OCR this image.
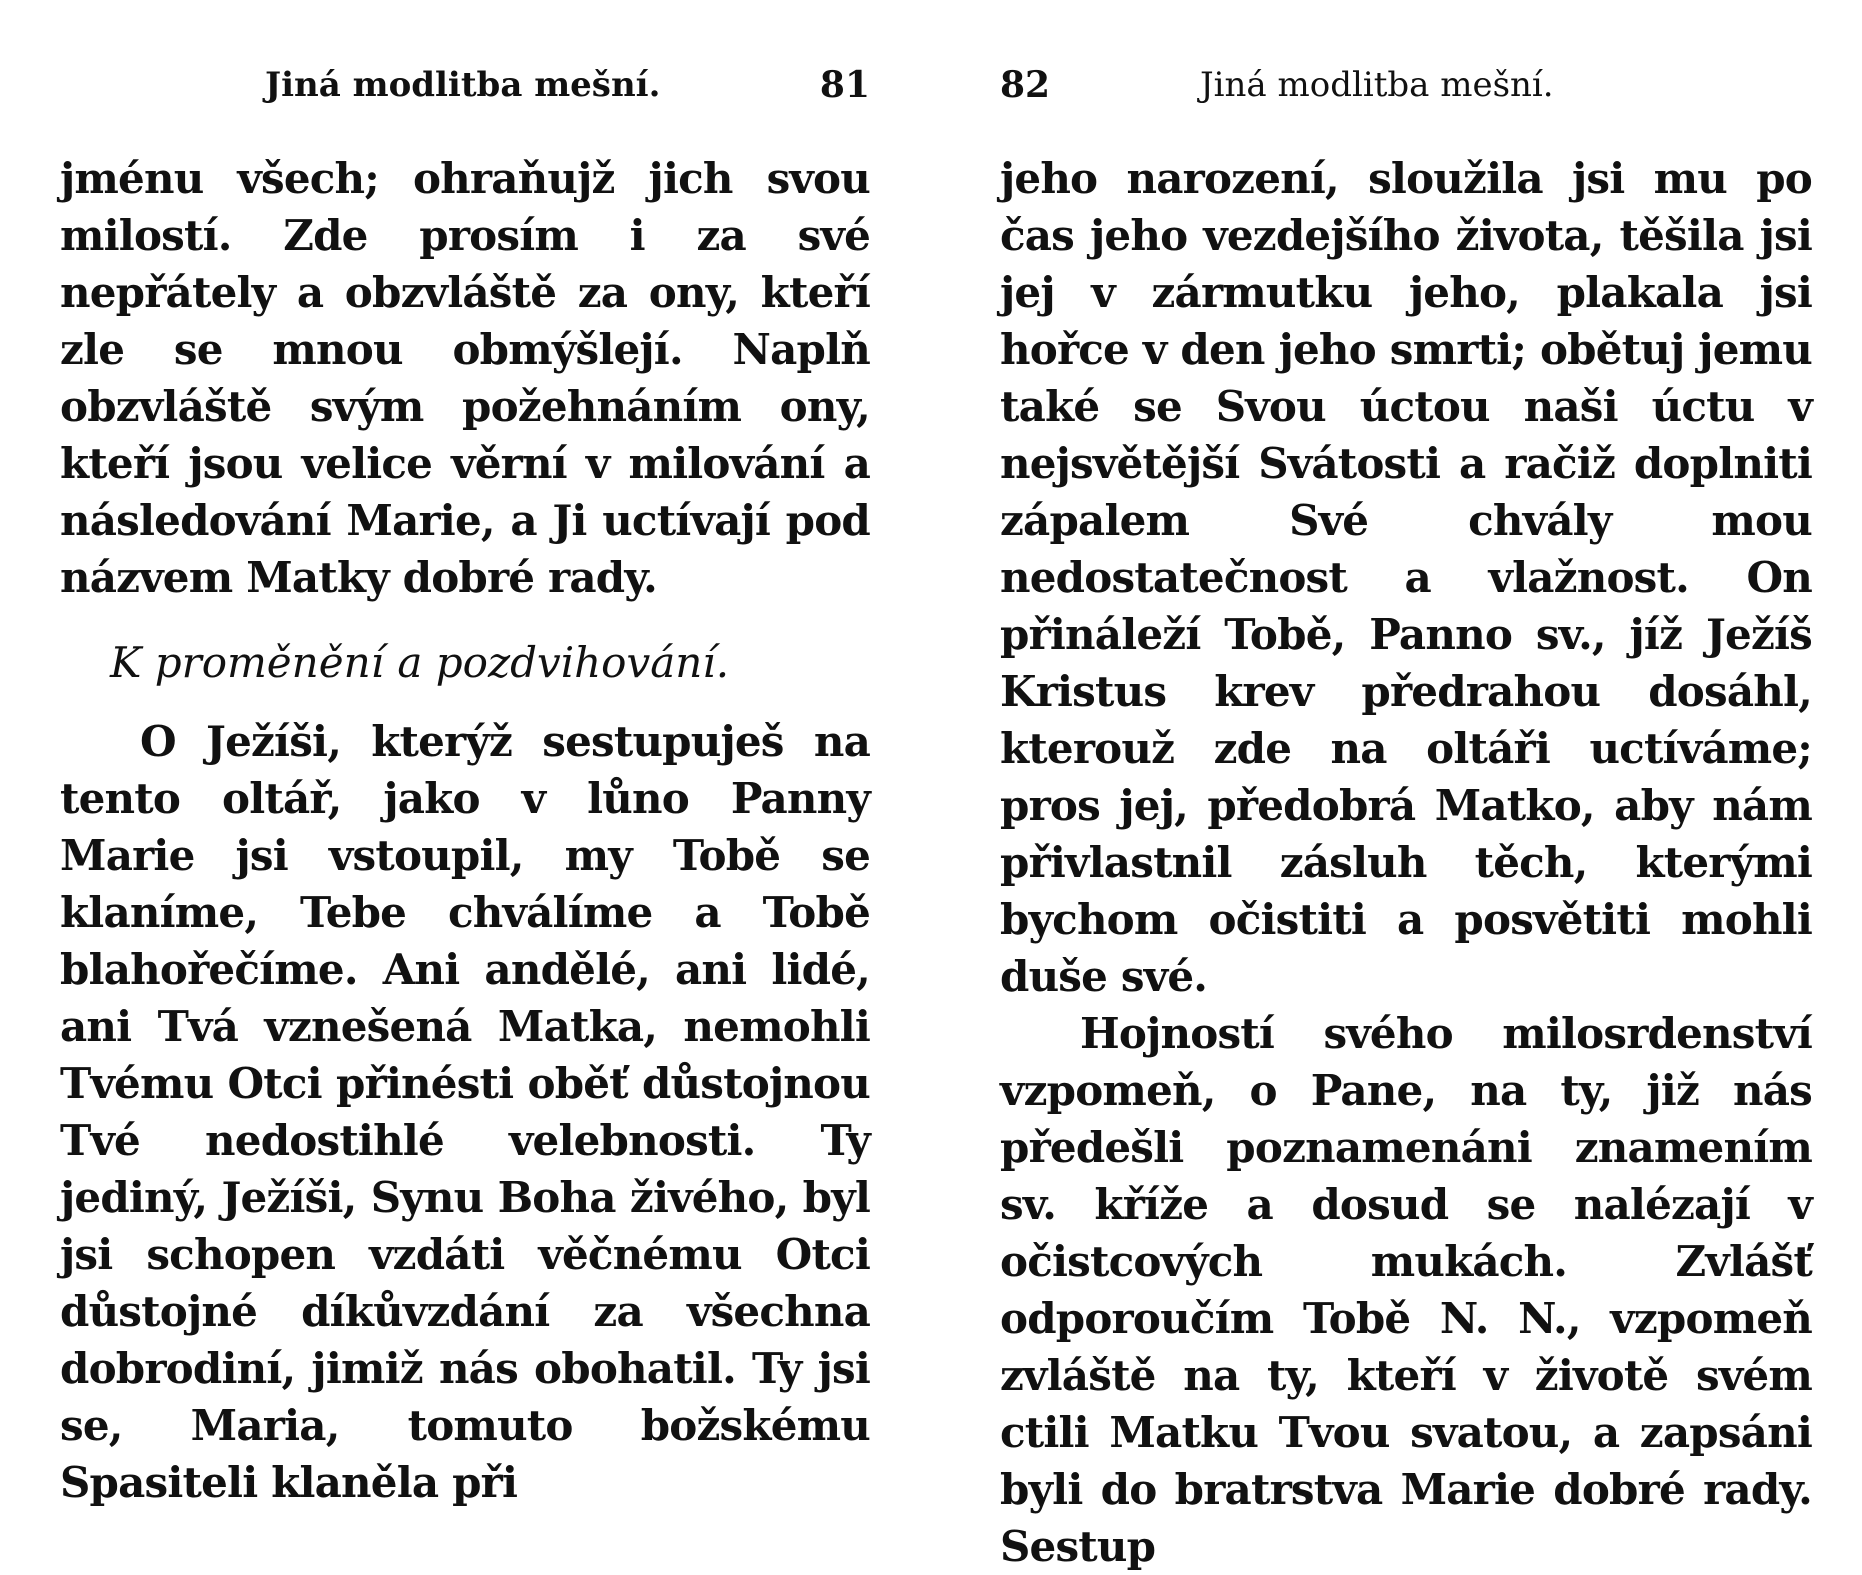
Jiná modlitba mešní.	81

jménu všech; ohraňujž jich svou milostí. Zde prosím i za své nepřátely a obzvláště za ony, kteří zle se mnou obmýšlejí. Naplň obzvláště svým požehnáním ony, kteří jsou velice věrní v milování a následování Marie, a Ji uctívají pod názvem Matky dobré rady.

K proměnění a pozdvihování.

O Ježíši, kterýž sestupuješ na tento oltář, jako v lůno Panny Marie jsi vstoupil, my Tobě se klaníme, Tebe chválíme a Tobě blahořečíme. Ani andělé, ani lidé, ani Tvá vznešená Matka, nemohli Tvému Otci přinésti oběť důstojnou Tvé nedostihlé velebnosti. Ty jediný, Ježíši, Synu Boha živého, byl jsi schopen vzdáti věčnému Otci důstojné díkůvzdání za všechna dobrodiní, jimiž nás obohatil. Ty jsi se, Maria, tomuto božskému Spasiteli klaněla při

82	Jiná modlitba mešní.

jeho narození, sloužila jsi mu po čas jeho vezdejšího života, těšila jsi jej v zármutku jeho, plakala jsi hořce v den jeho smrti; obětuj jemu také se Svou úctou naši úctu v nejsvětější Svátosti a račiž doplniti zápalem Své chvály mou nedostatečnost a vlažnost. On přináleží Tobě, Panno sv., jíž Ježíš Kristus krev předrahou dosáhl, kterouž zde na oltáři uctíváme; pros jej, předobrá Matko, aby nám přivlastnil zásluh těch, kterými bychom očistiti a posvětiti mohli duše své.

Hojností svého milosrdenství vzpomeň, o Pane, na ty, již nás předešli poznamenáni znamením sv. kříže a dosud se nalézají v očistcových mukách. Zvlášť odporoučím Tobě N. N., vzpomeň zvláště na ty, kteří v životě svém ctili Matku Tvou svatou, a zapsáni byli do bratrstva Marie dobré rady. Sestup
